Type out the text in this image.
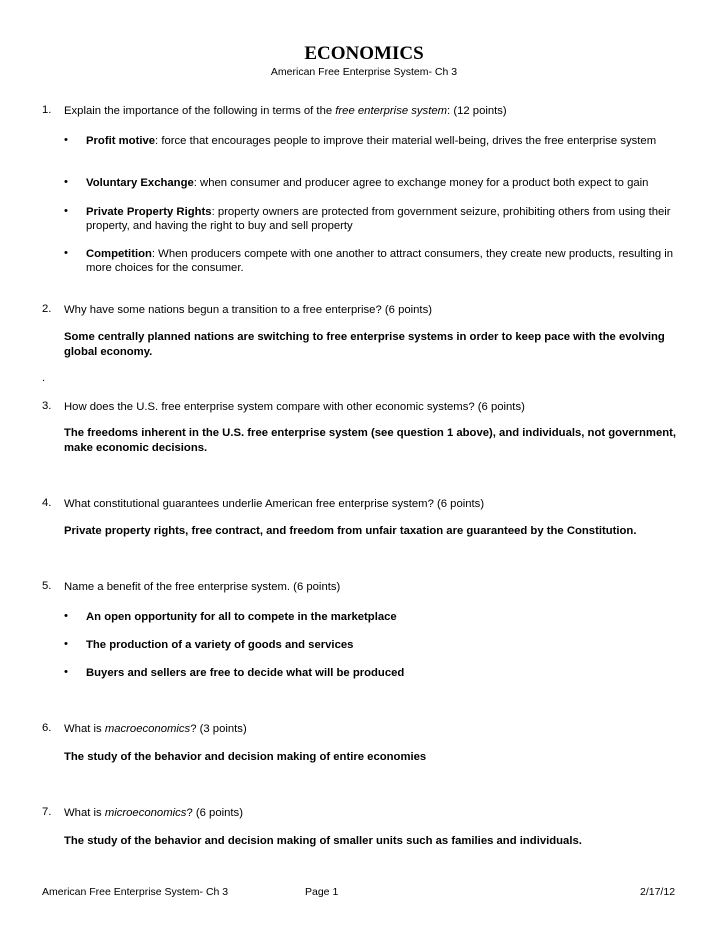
ECONOMICS
American Free Enterprise System- Ch 3
1. Explain the importance of the following in terms of the free enterprise system: (12 points)
• Profit motive: force that encourages people to improve their material well-being, drives the free enterprise system
• Voluntary Exchange: when consumer and producer agree to exchange money for a product both expect to gain
• Private Property Rights: property owners are protected from government seizure, prohibiting others from using their property, and having the right to buy and sell property
• Competition: When producers compete with one another to attract consumers, they create new products, resulting in more choices for the consumer.
2. Why have some nations begun a transition to a free enterprise? (6 points)
Some centrally planned nations are switching to free enterprise systems in order to keep pace with the evolving global economy.
.
3. How does the U.S. free enterprise system compare with other economic systems? (6 points)
The freedoms inherent in the U.S. free enterprise system (see question 1 above), and individuals, not government, make economic decisions.
4. What constitutional guarantees underlie American free enterprise system? (6 points)
Private property rights, free contract, and freedom from unfair taxation are guaranteed by the Constitution.
5. Name a benefit of the free enterprise system. (6 points)
• An open opportunity for all to compete in the marketplace
• The production of a variety of goods and services
• Buyers and sellers are free to decide what will be produced
6. What is macroeconomics? (3 points)
The study of the behavior and decision making of entire economies
7. What is microeconomics? (6 points)
The study of the behavior and decision making of smaller units such as families and individuals.
American Free Enterprise System- Ch 3	Page 1	2/17/12
